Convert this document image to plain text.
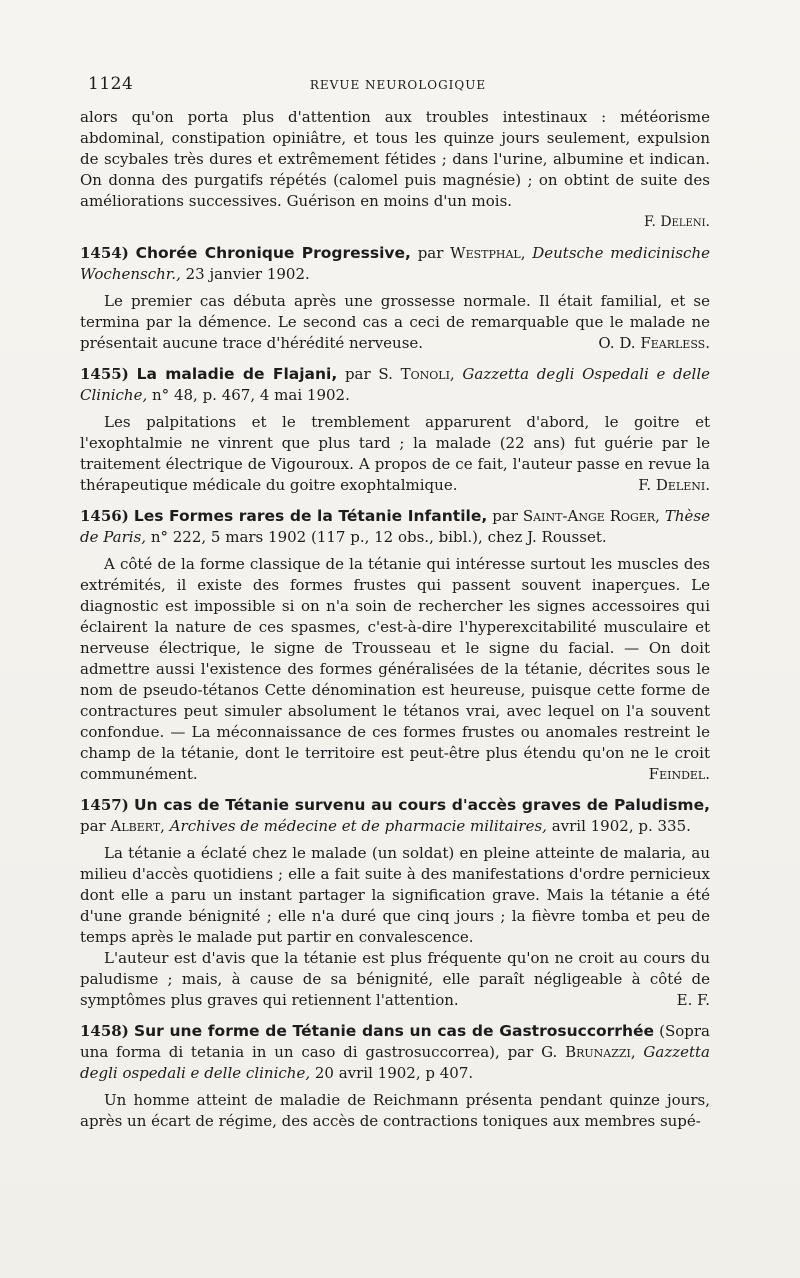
1124	REVUE NEUROLOGIQUE

alors qu'on porta plus d'attention aux troubles intestinaux : météorisme abdominal, constipation opiniâtre, et tous les quinze jours seulement, expulsion de scybales très dures et extrêmement fétides ; dans l'urine, albumine et indican. On donna des purgatifs répétés (calomel puis magnésie) ; on obtint de suite des améliorations successives. Guérison en moins d'un mois.

F. Deleni.

1454) Chorée Chronique Progressive, par Westphal, Deutsche medicinische Wochenschr., 23 janvier 1902.

Le premier cas débuta après une grossesse normale. Il était familial, et se termina par la démence. Le second cas a ceci de remarquable que le malade ne présentait aucune trace d'hérédité nerveuse.	O. D. Fearless.

1455) La maladie de Flajani, par S. Tonoli, Gazzetta degli Ospedali e delle Cliniche, n° 48, p. 467, 4 mai 1902.

Les palpitations et le tremblement apparurent d'abord, le goitre et l'exophtalmie ne vinrent que plus tard ; la malade (22 ans) fut guérie par le traitement électrique de Vigouroux. A propos de ce fait, l'auteur passe en revue la thérapeutique médicale du goitre exophtalmique.	F. Deleni.

1456) Les Formes rares de la Tétanie Infantile, par Saint-Ange Roger, Thèse de Paris, n° 222, 5 mars 1902 (117 p., 12 obs., bibl.), chez J. Rousset.

A côté de la forme classique de la tétanie qui intéresse surtout les muscles des extrémités, il existe des formes frustes qui passent souvent inaperçues. Le diagnostic est impossible si on n'a soin de rechercher les signes accessoires qui éclairent la nature de ces spasmes, c'est-à-dire l'hyperexcitabilité musculaire et nerveuse électrique, le signe de Trousseau et le signe du facial. — On doit admettre aussi l'existence des formes généralisées de la tétanie, décrites sous le nom de pseudo-tétanos Cette dénomination est heureuse, puisque cette forme de contractures peut simuler absolument le tétanos vrai, avec lequel on l'a souvent confondue. — La méconnaissance de ces formes frustes ou anomales restreint le champ de la tétanie, dont le territoire est peut-être plus étendu qu'on ne le croit communément.	Feindel.

1457) Un cas de Tétanie survenu au cours d'accès graves de Paludisme, par Albert, Archives de médecine et de pharmacie militaires, avril 1902, p. 335.

La tétanie a éclaté chez le malade (un soldat) en pleine atteinte de malaria, au milieu d'accès quotidiens ; elle a fait suite à des manifestations d'ordre pernicieux dont elle a paru un instant partager la signification grave. Mais la tétanie a été d'une grande bénignité ; elle n'a duré que cinq jours ; la fièvre tomba et peu de temps après le malade put partir en convalescence.

L'auteur est d'avis que la tétanie est plus fréquente qu'on ne croit au cours du paludisme ; mais, à cause de sa bénignité, elle paraît négligeable à côté de symptômes plus graves qui retiennent l'attention.	E. F.

1458) Sur une forme de Tétanie dans un cas de Gastrosuccorrhée (Sopra una forma di tetania in un caso di gastrosuccorrea), par G. Brunazzi, Gazzetta degli ospedali e delle cliniche, 20 avril 1902, p 407.

Un homme atteint de maladie de Reichmann présenta pendant quinze jours, après un écart de régime, des accès de contractions toniques aux membres supé-
